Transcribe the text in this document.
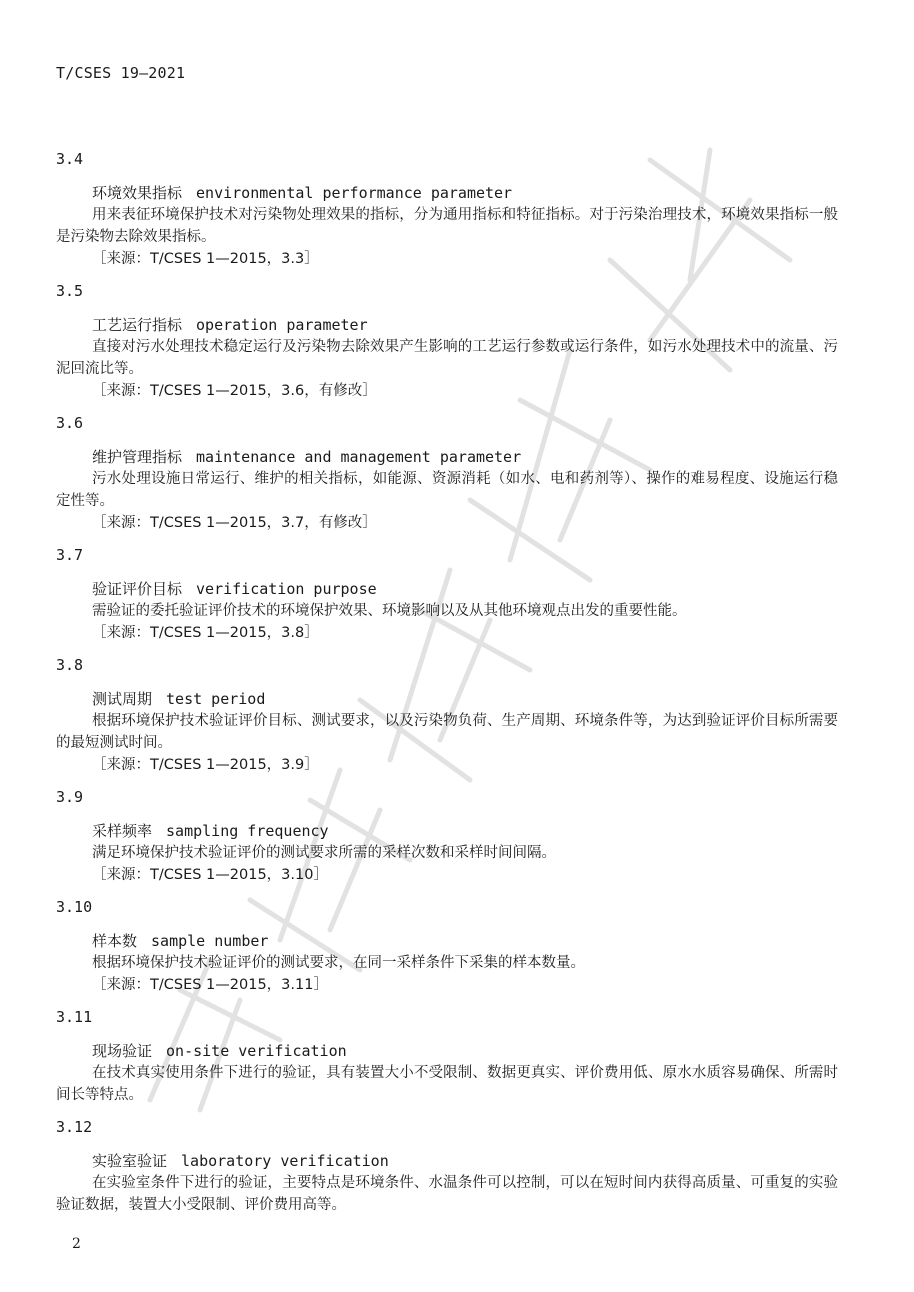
T/CSES 19—2021
3.4
环境效果指标 environmental performance parameter
用来表征环境保护技术对污染物处理效果的指标，分为通用指标和特征指标。对于污染治理技术，环境效果指标一般是污染物去除效果指标。
［来源：T/CSES 1—2015，3.3］
3.5
工艺运行指标 operation parameter
直接对污水处理技术稳定运行及污染物去除效果产生影响的工艺运行参数或运行条件，如污水处理技术中的流量、污泥回流比等。
［来源：T/CSES 1—2015，3.6，有修改］
3.6
维护管理指标 maintenance and management parameter
污水处理设施日常运行、维护的相关指标，如能源、资源消耗（如水、电和药剂等）、操作的难易程度、设施运行稳定性等。
［来源：T/CSES 1—2015，3.7，有修改］
3.7
验证评价目标 verification purpose
需验证的委托验证评价技术的环境保护效果、环境影响以及从其他环境观点出发的重要性能。
［来源：T/CSES 1—2015，3.8］
3.8
测试周期 test period
根据环境保护技术验证评价目标、测试要求，以及污染物负荷、生产周期、环境条件等，为达到验证评价目标所需要的最短测试时间。
［来源：T/CSES 1—2015，3.9］
3.9
采样频率 sampling frequency
满足环境保护技术验证评价的测试要求所需的采样次数和采样时间间隔。
［来源：T/CSES 1—2015，3.10］
3.10
样本数 sample number
根据环境保护技术验证评价的测试要求，在同一采样条件下采集的样本数量。
［来源：T/CSES 1—2015，3.11］
3.11
现场验证 on-site verification
在技术真实使用条件下进行的验证，具有装置大小不受限制、数据更真实、评价费用低、原水水质容易确保、所需时间长等特点。
3.12
实验室验证 laboratory verification
在实验室条件下进行的验证，主要特点是环境条件、水温条件可以控制，可以在短时间内获得高质量、可重复的实验验证数据，装置大小受限制、评价费用高等。
2
